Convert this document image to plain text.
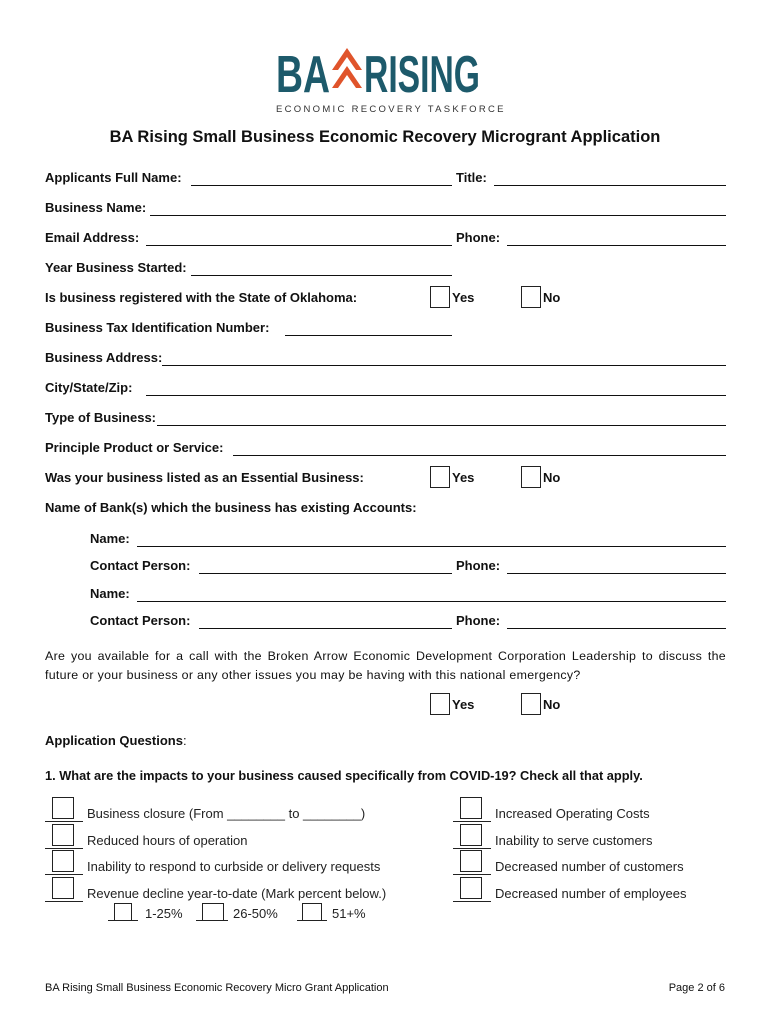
BA RISING
ECONOMIC RECOVERY TASKFORCE
BA Rising Small Business Economic Recovery Microgrant Application
Applicants Full Name:	Title:
Business Name:
Email Address:	Phone:
Year Business Started:
Is business registered with the State of Oklahoma:	Yes	No
Business Tax Identification Number:
Business Address:
City/State/Zip:
Type of Business:
Principle Product or Service:
Was your business listed as an Essential Business:	Yes	No
Name of Bank(s) which the business has existing Accounts:
Name:
Contact Person:	Phone:
Name:
Contact Person:	Phone:
Are you available for a call with the Broken Arrow Economic Development Corporation Leadership to discuss the future or your business or any other issues you may be having with this national emergency?
Yes	No
Application Questions:
1. What are the impacts to your business caused specifically from COVID-19? Check all that apply.
Business closure (From ________ to ________)
Reduced hours of operation
Inability to respond to curbside or delivery requests
Revenue decline year-to-date (Mark percent below.)
1-25%	26-50%	51+%
Increased Operating Costs
Inability to serve customers
Decreased number of customers
Decreased number of employees
BA Rising Small Business Economic Recovery Micro Grant Application	Page 2 of 6
